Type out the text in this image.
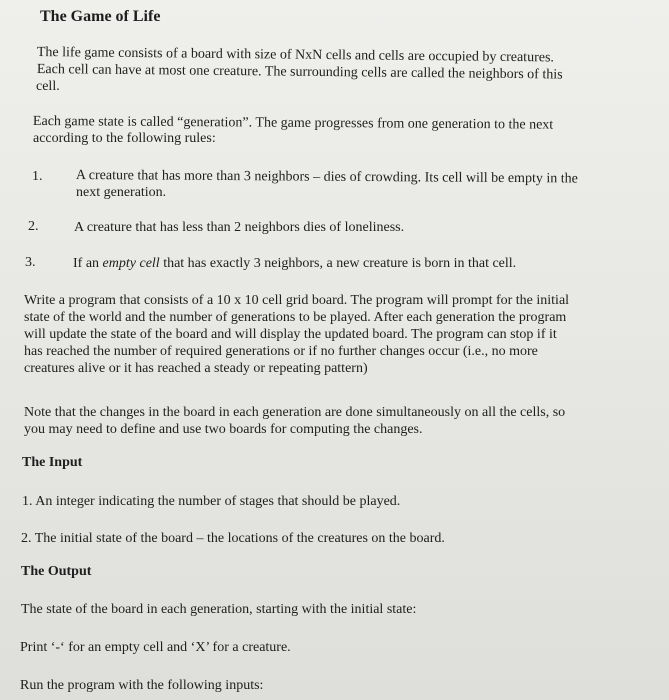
The Game of Life

The life game consists of a board with size of NxN cells and cells are occupied by creatures.

Each cell can have at most one creature. The surrounding cells are called the neighbors of this

cell.

Each game state is called “generation”. The game progresses from one generation to the next

according to the following rules:

1. A creature that has more than 3 neighbors – dies of crowding. Its cell will be empty in the

next generation.

2.	A creature that has less than 2 neighbors dies of loneliness.

3.	If an empty cell that has exactly 3 neighbors, a new creature is born in that cell.

Write a program that consists of a 10 x 10 cell grid board. The program will prompt for the initial

state of the world and the number of generations to be played. After each generation the program

will update the state of the board and will display the updated board. The program can stop if it

has reached the number of required generations or if no further changes occur (i.e., no more

creatures alive or it has reached a steady or repeating pattern)

Note that the changes in the board in each generation are done simultaneously on all the cells, so

you may need to define and use two boards for computing the changes.

The Input

1. An integer indicating the number of stages that should be played.

2. The initial state of the board – the locations of the creatures on the board.

The Output

The state of the board in each generation, starting with the initial state:

Print ‘-‘ for an empty cell and ‘X’ for a creature.

Run the program with the following inputs:
